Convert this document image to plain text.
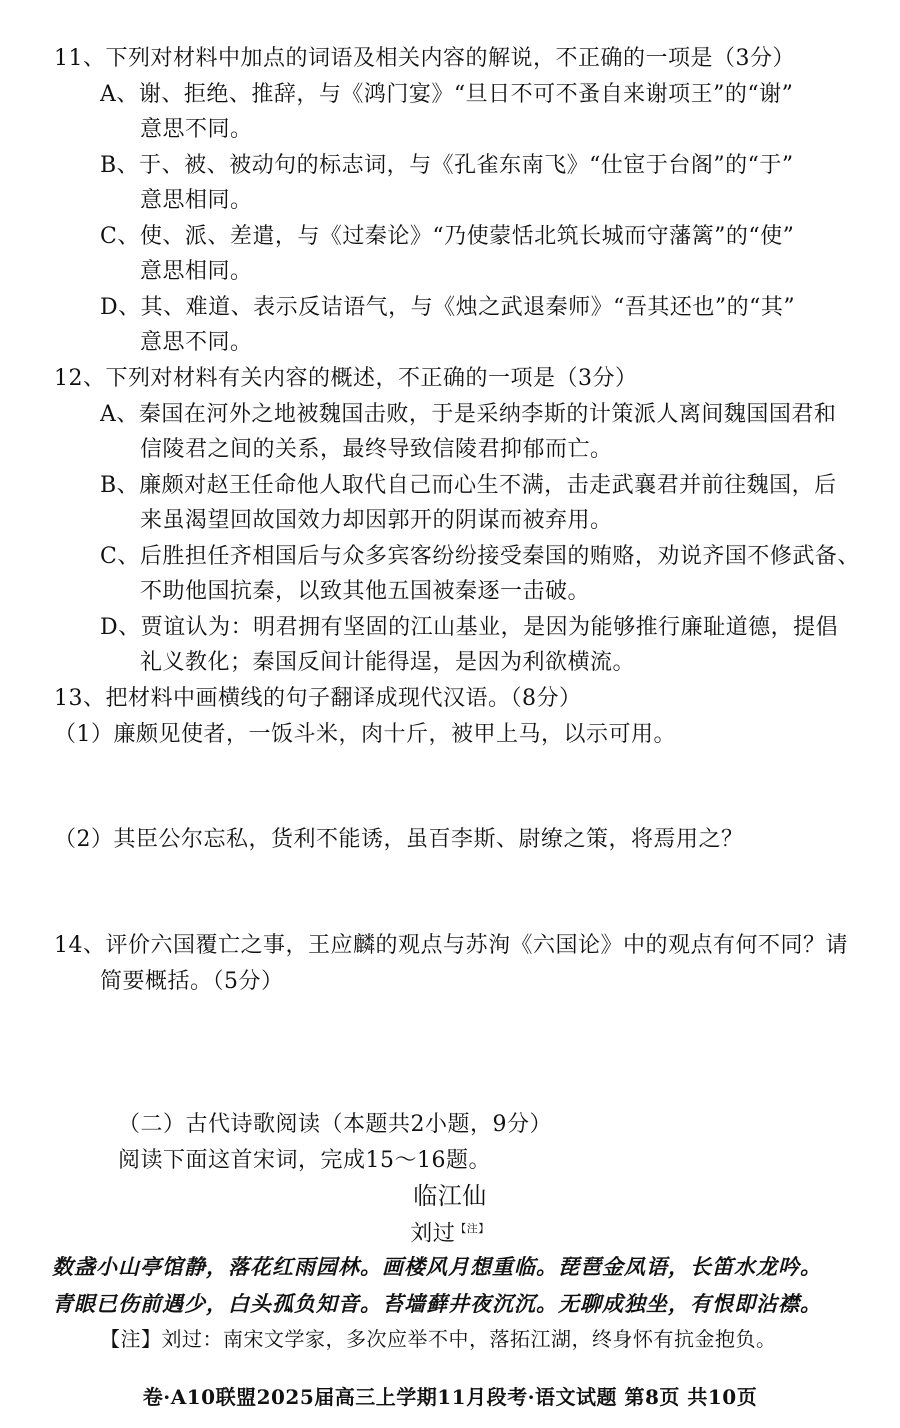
11、下列对材料中加点的词语及相关内容的解说，不正确的一项是（3分）
A、谢、拒绝、推辞，与《鸿门宴》“旦日不可不蚤自来谢项王”的“谢”
意思不同。
B、于、被、被动句的标志词，与《孔雀东南飞》“仕宦于台阁”的“于”
意思相同。
C、使、派、差遣，与《过秦论》“乃使蒙恬北筑长城而守藩篱”的“使”
意思相同。
D、其、难道、表示反诘语气，与《烛之武退秦师》“吾其还也”的“其”
意思不同。
12、下列对材料有关内容的概述，不正确的一项是（3分）
A、秦国在河外之地被魏国击败，于是采纳李斯的计策派人离间魏国国君和
信陵君之间的关系，最终导致信陵君抑郁而亡。
B、廉颇对赵王任命他人取代自己而心生不满，击走武襄君并前往魏国，后
来虽渴望回故国效力却因郭开的阴谋而被弃用。
C、后胜担任齐相国后与众多宾客纷纷接受秦国的贿赂，劝说齐国不修武备、
不助他国抗秦，以致其他五国被秦逐一击破。
D、贾谊认为：明君拥有坚固的江山基业，是因为能够推行廉耻道德，提倡
礼义教化；秦国反间计能得逞，是因为利欲横流。
13、把材料中画横线的句子翻译成现代汉语。（8分）
（1）廉颇见使者，一饭斗米，肉十斤，被甲上马，以示可用。
（2）其臣公尔忘私，货利不能诱，虽百李斯、尉缭之策，将焉用之？
14、评价六国覆亡之事，王应麟的观点与苏洵《六国论》中的观点有何不同？请
简要概括。（5分）
（二）古代诗歌阅读（本题共2小题，9分）
阅读下面这首宋词，完成15～16题。
临江仙
刘过$^{【注】}$
数盏小山亭馆静，落花红雨园林。画楼风月想重临。琵琶金凤语，长笛水龙吟。
青眼已伤前遇少，白头孤负知音。苔墙藓井夜沉沉。无聊成独坐，有恨即沾襟。
【注】刘过：南宋文学家，多次应举不中，落拓江湖，终身怀有抗金抱负。
卷·A10联盟2025届高三上学期11月段考·语文试题 第8页 共10页
